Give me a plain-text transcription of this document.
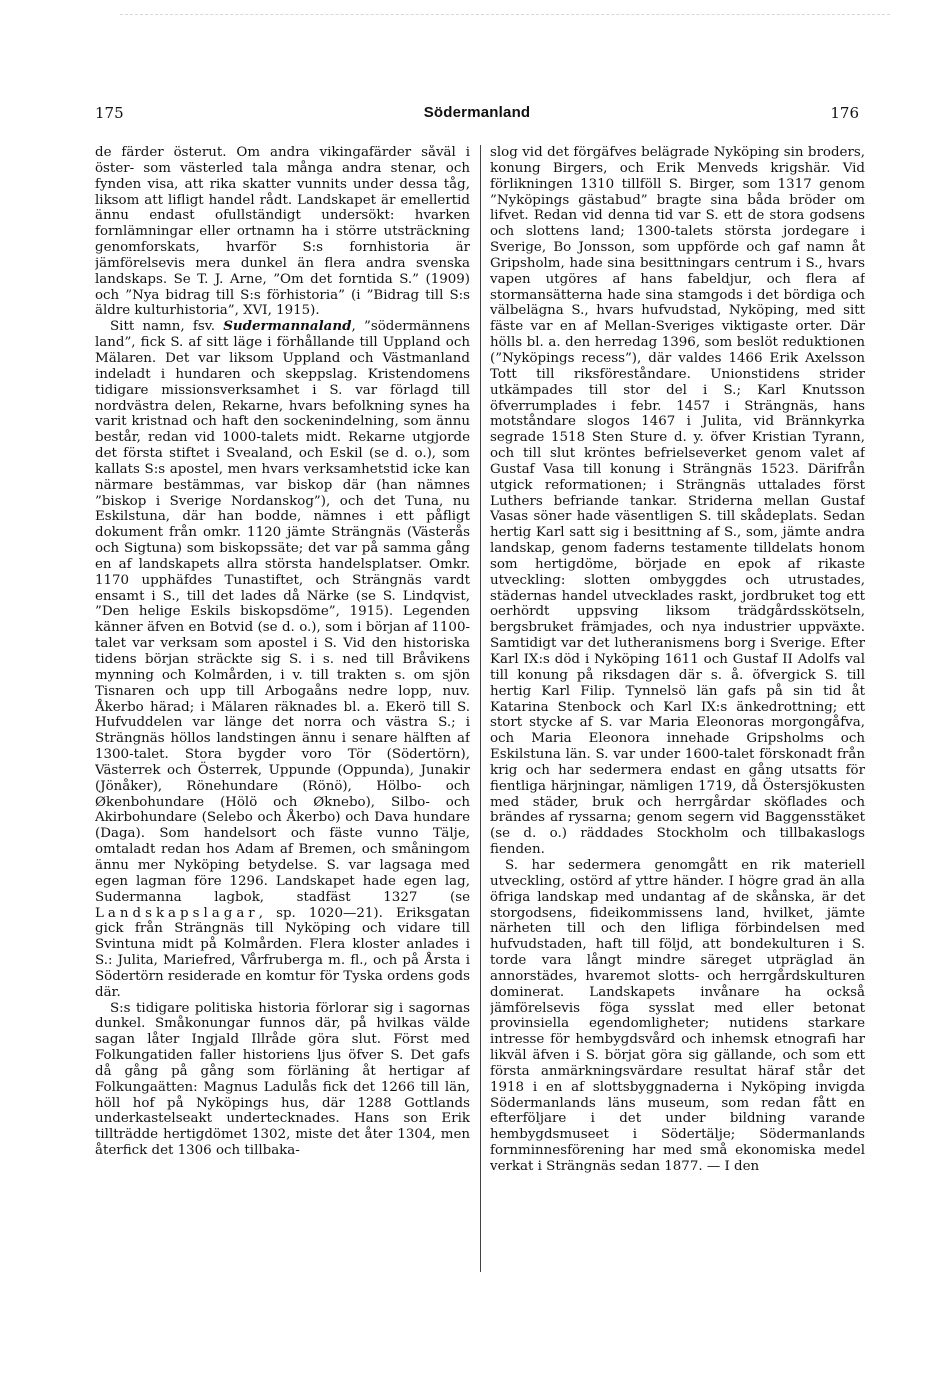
175	Södermanland	176

de färder österut. Om andra vikingafärder såväl i öster- som västerled tala många andra stenar, och fynden visa, att rika skatter vunnits under dessa tåg, liksom att lifligt handel rådt. Landskapet är emellertid ännu endast ofullständigt undersökt: hvarken fornlämningar eller ortnamn ha i större utsträckning genomforskats, hvarför S:s fornhistoria är jämförelsevis mera dunkel än flera andra svenska landskaps. Se T. J. Arne, ”Om det forntida S.” (1909) och ”Nya bidrag till S:s förhistoria” (i ”Bidrag till S:s äldre kulturhistoria”, XVI, 1915).

Sitt namn, fsv. Sudermannaland, ”södermännens land”, fick S. af sitt läge i förhållande till Uppland och Mälaren. Det var liksom Uppland och Västmanland indeladt i hundaren och skeppslag. Kristendomens tidigare missionsverksamhet i S. var förlagd till nordvästra delen, Rekarne, hvars befolkning synes ha varit kristnad och haft den sockenindelning, som ännu består, redan vid 1000-talets midt. Rekarne utgjorde det första stiftet i Svealand, och Eskil (se d. o.), som kallats S:s apostel, men hvars verksamhetstid icke kan närmare bestämmas, var biskop där (han nämnes ”biskop i Sverige Nordanskog”), och det Tuna, nu Eskilstuna, där han bodde, nämnes i ett påfligt dokument från omkr. 1120 jämte Strängnäs (Västerås och Sigtuna) som biskopssäte; det var på samma gång en af landskapets allra största handelsplatser. Omkr. 1170 upphäfdes Tunastiftet, och Strängnäs vardt ensamt i S., till det lades då Närke (se S. Lindqvist, ”Den helige Eskils biskopsdöme”, 1915). Legenden känner äfven en Botvid (se d. o.), som i början af 1100-talet var verksam som apostel i S. Vid den historiska tidens början sträckte sig S. i s. ned till Bråvikens mynning och Kolmården, i v. till trakten s. om sjön Tisnaren och upp till Arbogaåns nedre lopp, nuv. Åkerbo härad; i Mälaren räknades bl. a. Ekerö till S. Hufvuddelen var länge det norra och västra S.; i Strängnäs höllos landstingen ännu i senare hälften af 1300-talet. Stora bygder voro Tör (Södertörn), Västerrek och Österrek, Uppunde (Oppunda), Junakir (Jönåker), Rönehundare (Rönö), Hölbo- och Økenbohundare (Hölö och Øknebo), Silbo- och Akirbohundare (Selebo och Åkerbo) och Dava hundare (Daga). Som handelsort och fäste vunno Tälje, omtaladt redan hos Adam af Bremen, och småningom ännu mer Nyköping betydelse. S. var lagsaga med egen lagman före 1296. Landskapet hade egen lag, Sudermanna lagbok, stadfäst 1327 (se Landskapslagar, sp. 1020—21). Eriksgatan gick från Strängnäs till Nyköping och vidare till Svintuna midt på Kolmården. Flera kloster anlades i S.: Julita, Mariefred, Vårfruberga m. fl., och på Årsta i Södertörn residerade en komtur för Tyska ordens gods där.

S:s tidigare politiska historia förlorar sig i sagornas dunkel. Småkonungar funnos där, på hvilkas välde sagan låter Ingjald Illråde göra slut. Först med Folkungatiden faller historiens ljus öfver S. Det gafs då gång på gång som förläning åt hertigar af Folkungaätten: Magnus Ladulås fick det 1266 till län, höll hof på Nyköpings hus, där 1288 Gottlands underkastelseakt undertecknades. Hans son Erik tillträdde hertigdömet 1302, miste det åter 1304, men återfick det 1306 och tillbaka-

slog vid det förgäfves belägrade Nyköping sin broders, konung Birgers, och Erik Menveds krigshär. Vid förlikningen 1310 tillföll S. Birger, som 1317 genom ”Nyköpings gästabud” bragte sina båda bröder om lifvet. Redan vid denna tid var S. ett de stora godsens och slottens land; 1300-talets största jordegare i Sverige, Bo Jonsson, som uppförde och gaf namn åt Gripsholm, hade sina besittningars centrum i S., hvars vapen utgöres af hans fabeldjur, och flera af stormansätterna hade sina stamgods i det bördiga och välbelägna S., hvars hufvudstad, Nyköping, med sitt fäste var en af Mellan-Sveriges viktigaste orter. Där hölls bl. a. den herredag 1396, som beslöt reduktionen (”Nyköpings recess”), där valdes 1466 Erik Axelsson Tott till riksföreståndare. Unionstidens strider utkämpades till stor del i S.; Karl Knutsson öfverrumplades i febr. 1457 i Strängnäs, hans motståndare slogos 1467 i Julita, vid Brännkyrka segrade 1518 Sten Sture d. y. öfver Kristian Tyrann, och till slut kröntes befrielseverket genom valet af Gustaf Vasa till konung i Strängnäs 1523. Därifrån utgick reformationen; i Strängnäs uttalades först Luthers befriande tankar. Striderna mellan Gustaf Vasas söner hade väsentligen S. till skådeplats. Sedan hertig Karl satt sig i besittning af S., som, jämte andra landskap, genom faderns testamente tilldelats honom som hertigdöme, började en epok af rikaste utveckling: slotten ombyggdes och utrustades, städernas handel utvecklades raskt, jordbruket tog ett oerhördt uppsving liksom trädgårdsskötseln, bergsbruket främjades, och nya industrier uppväxte. Samtidigt var det lutheranismens borg i Sverige. Efter Karl IX:s död i Nyköping 1611 och Gustaf II Adolfs val till konung på riksdagen där s. å. öfvergick S. till hertig Karl Filip. Tynnelsö län gafs på sin tid åt Katarina Stenbock och Karl IX:s änkedrottning; ett stort stycke af S. var Maria Eleonoras morgongåfva, och Maria Eleonora innehade Gripsholms och Eskilstuna län. S. var under 1600-talet förskonadt från krig och har sedermera endast en gång utsatts för fientliga härjningar, nämligen 1719, då Östersjökusten med städer, bruk och herrgårdar sköflades och brändes af ryssarna; genom segern vid Baggensstäket (se d. o.) räddades Stockholm och tillbakaslogs fienden.

S. har sedermera genomgått en rik materiell utveckling, ostörd af yttre händer. I högre grad än alla öfriga landskap med undantag af de skånska, är det storgodsens, fideikommissens land, hvilket, jämte närheten till och den lifliga förbindelsen med hufvudstaden, haft till följd, att bondekulturen i S. torde vara långt mindre säreget utpräglad än annorstädes, hvaremot slotts- och herrgårdskulturen dominerat. Landskapets invånare ha också jämförelsevis föga sysslat med eller betonat provinsiella egendomligheter; nutidens starkare intresse för hembygdsvård och inhemsk etnografi har likväl äfven i S. börjat göra sig gällande, och som ett första anmärkningsvärdare resultat häraf står det 1918 i en af slottsbyggnaderna i Nyköping invigda Södermanlands läns museum, som redan fått en efterföljare i det under bildning varande hembygdsmuseet i Södertälje; Södermanlands fornminnesförening har med små ekonomiska medel verkat i Strängnäs sedan 1877. — I den
